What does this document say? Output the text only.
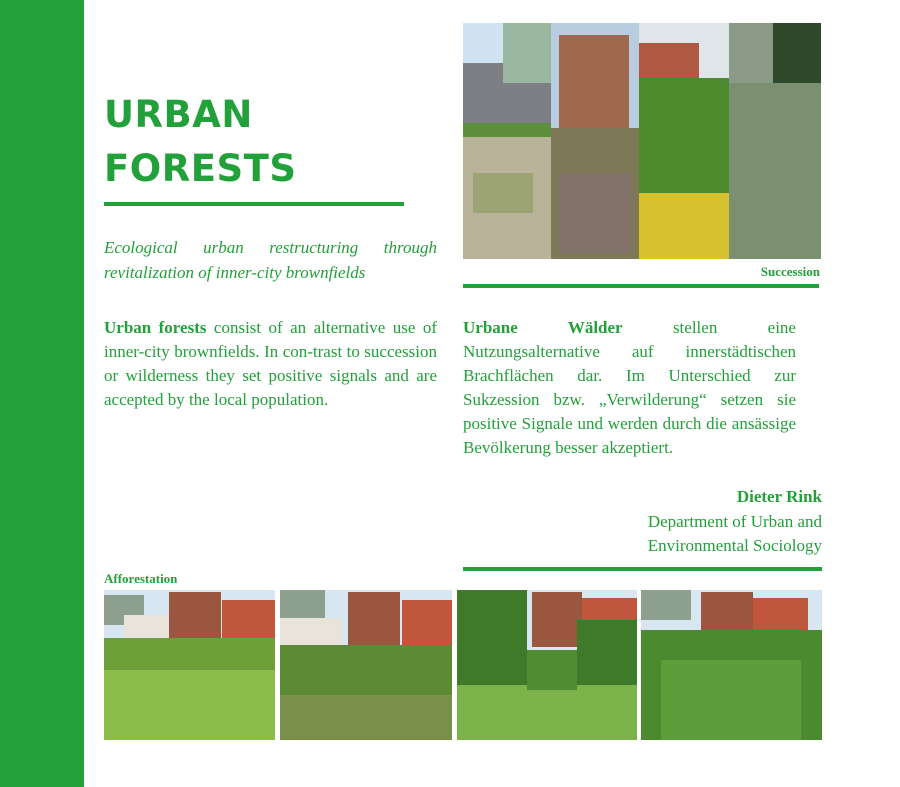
URBAN
FORESTS

Ecological urban restructuring through revitalization of inner-city brownfields

Urban forests consist of an alternative use of inner-city brownfields. In con-trast to succession or wilderness they set positive signals and are accepted by the local population.

Succession

Urbane Wälder stellen eine Nutzungsalternative auf innerstädtischen Brachflächen dar. Im Unterschied zur Sukzession bzw. „Verwilderung“ setzen sie positive Signale und werden durch die ansässige Bevölkerung besser akzeptiert.

Dieter Rink

Department of Urban and Environmental Sociology

Afforestation
